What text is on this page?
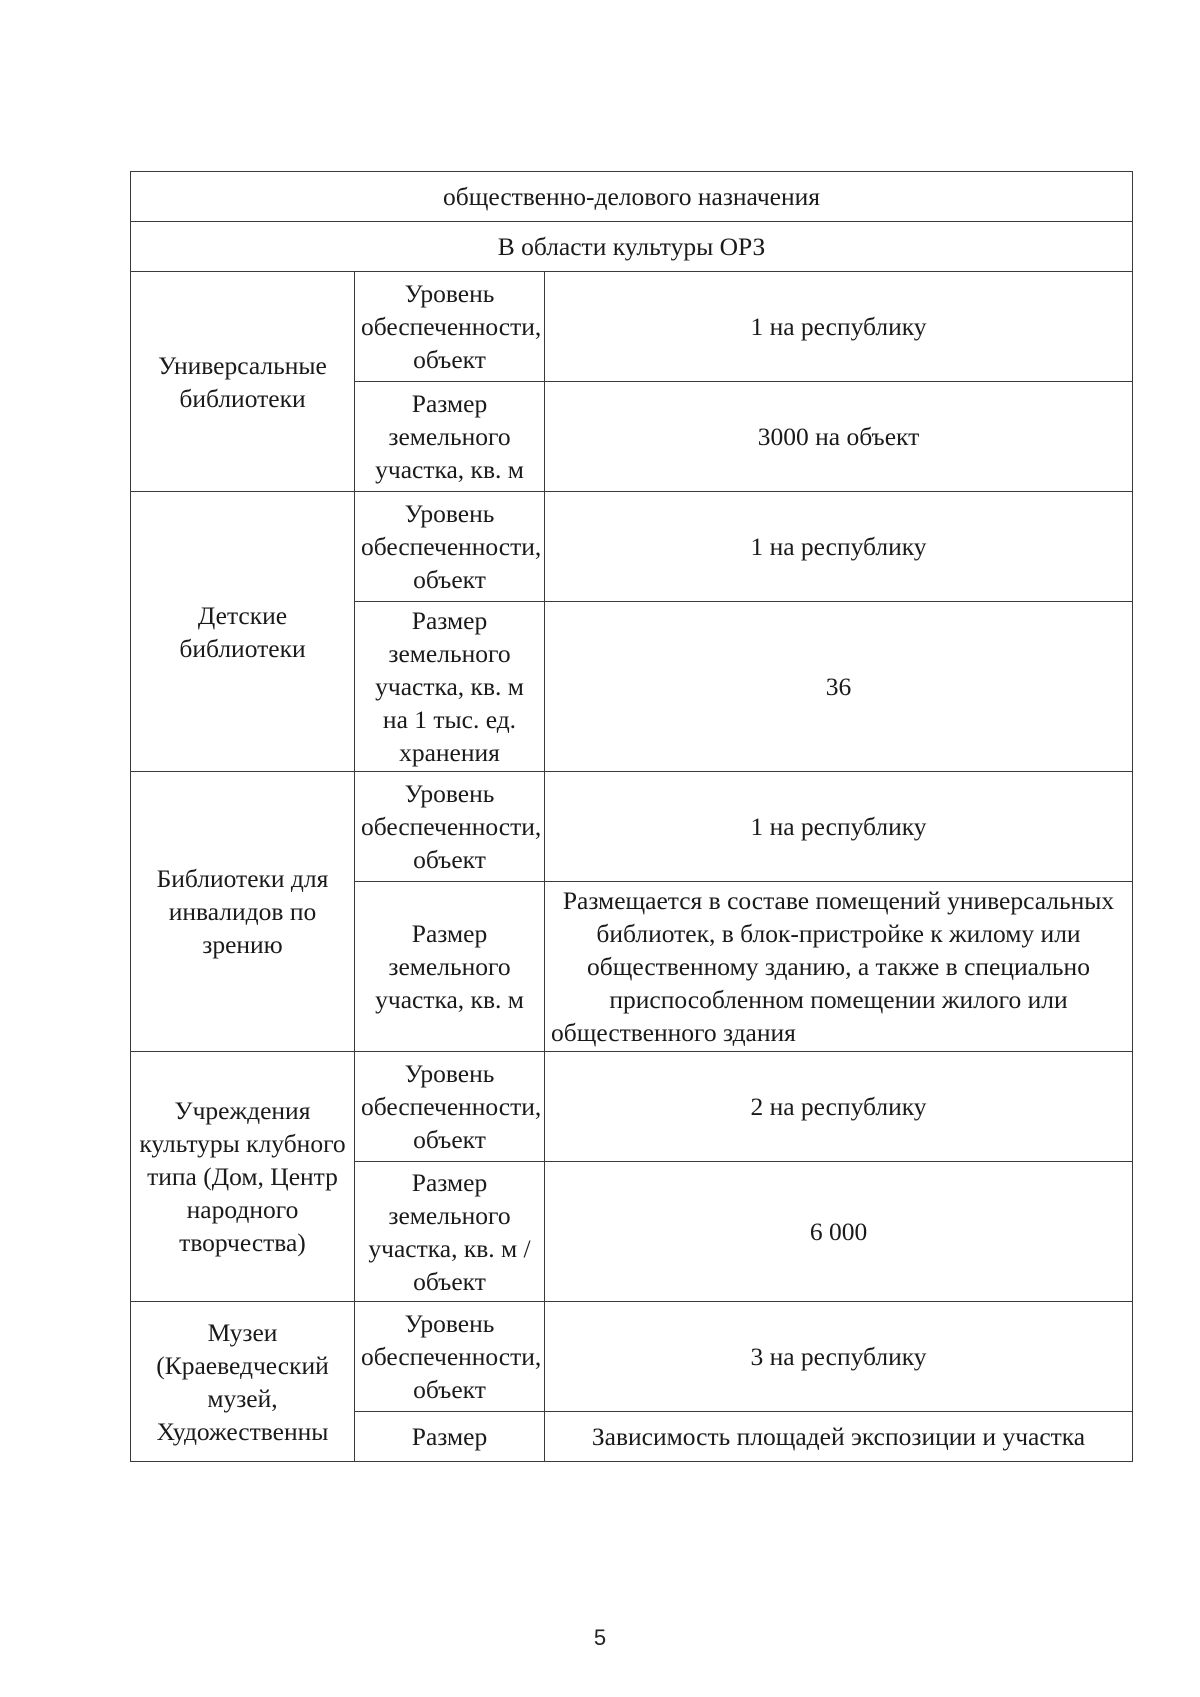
общественно-делового назначения		
В области культуры ОРЗ		
Универсальные библиотеки	Уровень обеспеченности, объект	1 на республику
	Размер земельного участка, кв. м	3000 на объект
Детские библиотеки	Уровень обеспеченности, объект	1 на республику
	Размер земельного участка, кв. м на 1 тыс. ед. хранения	36
Библиотеки для инвалидов по зрению	Уровень обеспеченности, объект	1 на республику
	Размер земельного участка, кв. м	Размещается в составе помещений универсальных библиотек, в блок-пристройке к жилому или общественному зданию, а также в специально приспособленном помещении жилого или общественного здания
Учреждения культуры клубного типа (Дом, Центр народного творчества)	Уровень обеспеченности, объект	2 на республику
	Размер земельного участка, кв. м / объект	6 000
Музеи (Краеведческий музей, Художественны	Уровень обеспеченности, объект	3 на республику
	Размер	Зависимость площадей экспозиции и участка
5
